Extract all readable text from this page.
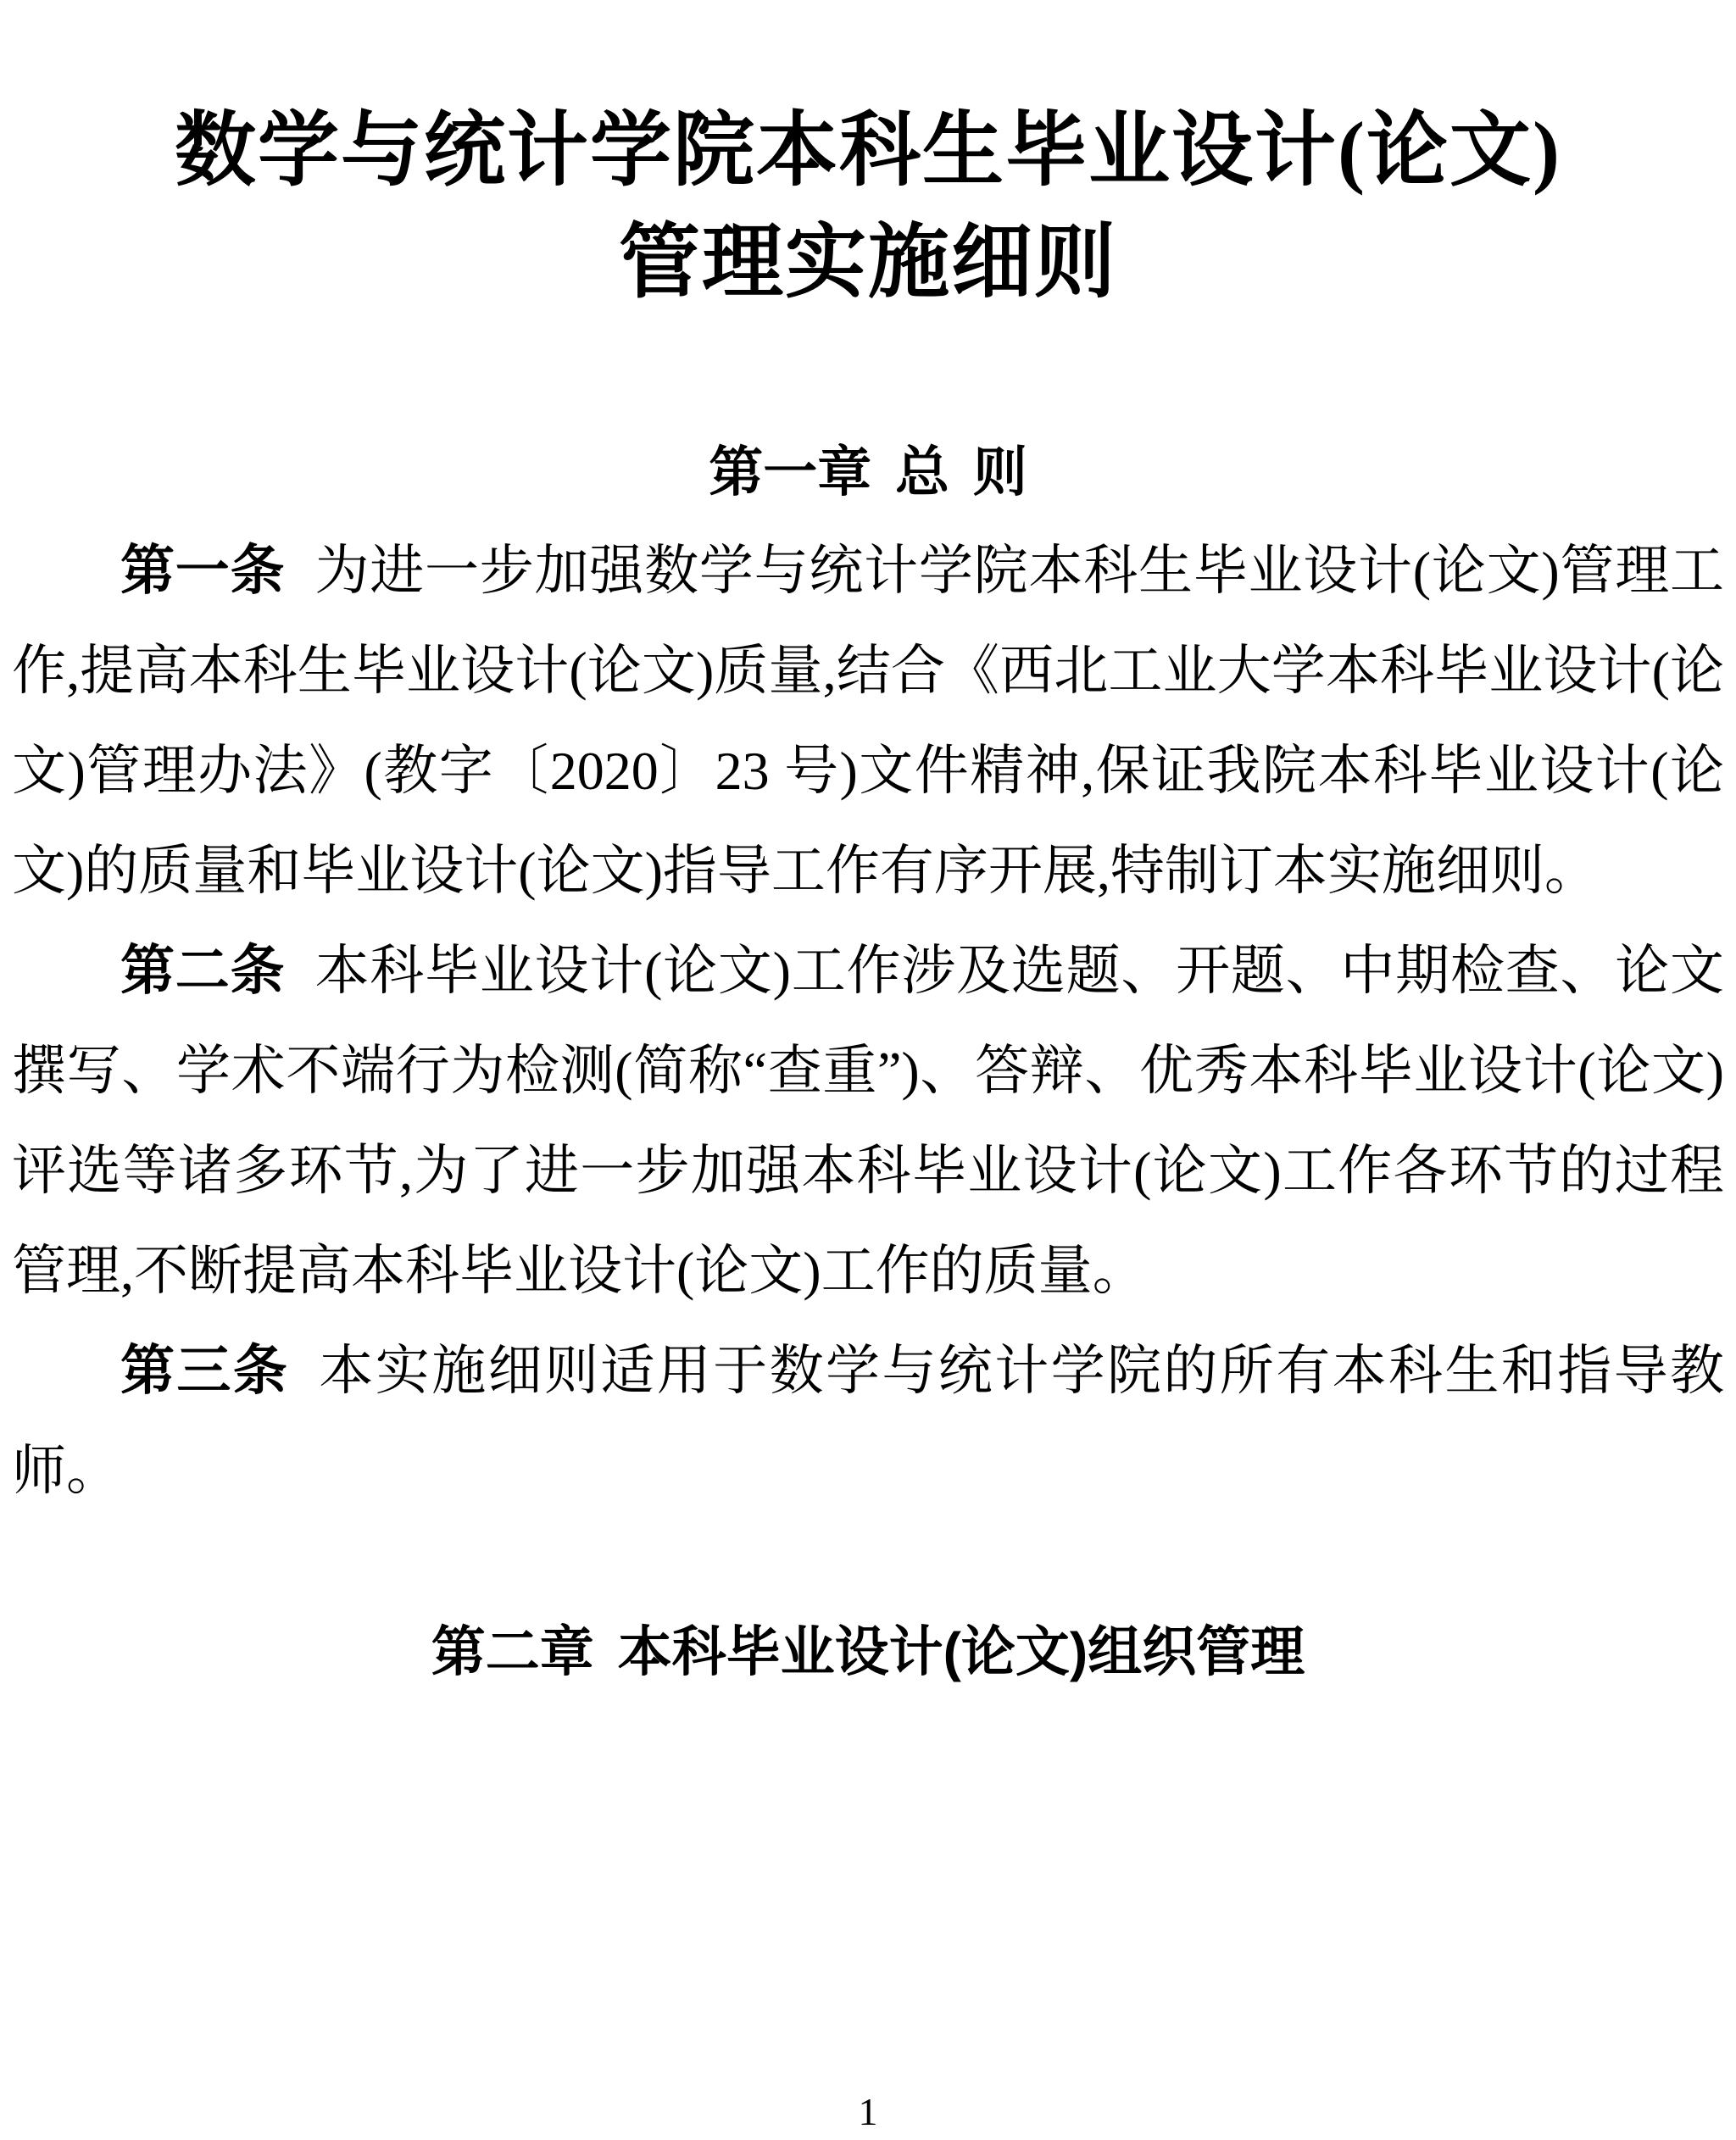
数学与统计学院本科生毕业设计(论文)
管理实施细则
第一章 总 则

第一条 为进一步加强数学与统计学院本科生毕业设计(论文)管理工作,提高本科生毕业设计(论文)质量,结合《西北工业大学本科毕业设计(论文)管理办法》(教字〔2020〕23 号)文件精神,保证我院本科毕业设计(论文)的质量和毕业设计(论文)指导工作有序开展,特制订本实施细则。

第二条 本科毕业设计(论文)工作涉及选题、开题、中期检查、论文撰写、学术不端行为检测(简称“查重”)、答辩、优秀本科毕业设计(论文)评选等诸多环节,为了进一步加强本科毕业设计(论文)工作各环节的过程管理,不断提高本科毕业设计(论文)工作的质量。

第三条 本实施细则适用于数学与统计学院的所有本科生和指导教师。

第二章 本科毕业设计(论文)组织管理
1
